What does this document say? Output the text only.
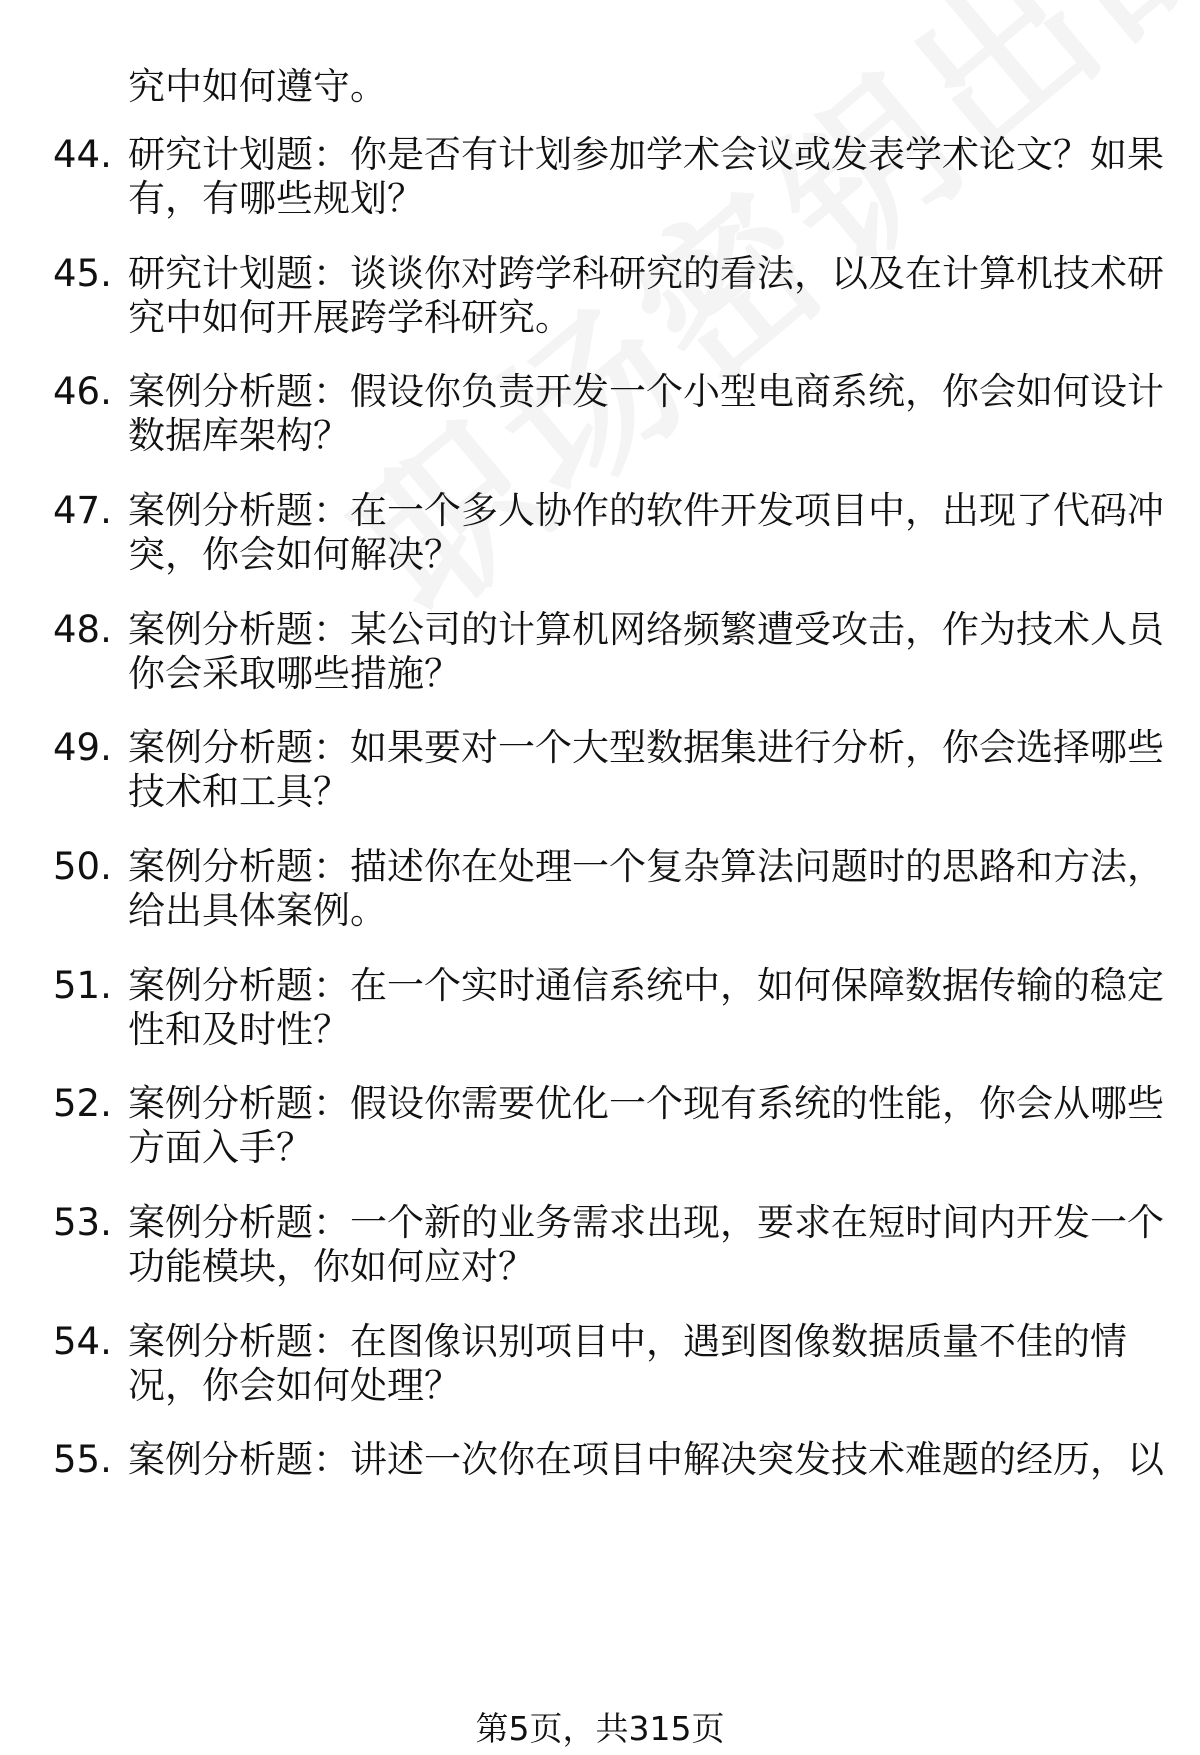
究中如何遵守。
44. 研究计划题：你是否有计划参加学术会议或发表学术论文？如果
有，有哪些规划？
45. 研究计划题：谈谈你对跨学科研究的看法，以及在计算机技术研
究中如何开展跨学科研究。
46. 案例分析题：假设你负责开发一个小型电商系统，你会如何设计
数据库架构？
47. 案例分析题：在一个多人协作的软件开发项目中，出现了代码冲
突，你会如何解决？
48. 案例分析题：某公司的计算机网络频繁遭受攻击，作为技术人员
你会采取哪些措施？
49. 案例分析题：如果要对一个大型数据集进行分析，你会选择哪些
技术和工具？
50. 案例分析题：描述你在处理一个复杂算法问题时的思路和方法，
给出具体案例。
51. 案例分析题：在一个实时通信系统中，如何保障数据传输的稳定
性和及时性？
52. 案例分析题：假设你需要优化一个现有系统的性能，你会从哪些
方面入手？
53. 案例分析题：一个新的业务需求出现，要求在短时间内开发一个
功能模块，你如何应对？
54. 案例分析题：在图像识别项目中，遇到图像数据质量不佳的情
况，你会如何处理？
55. 案例分析题：讲述一次你在项目中解决突发技术难题的经历，以
第5页，共315页
